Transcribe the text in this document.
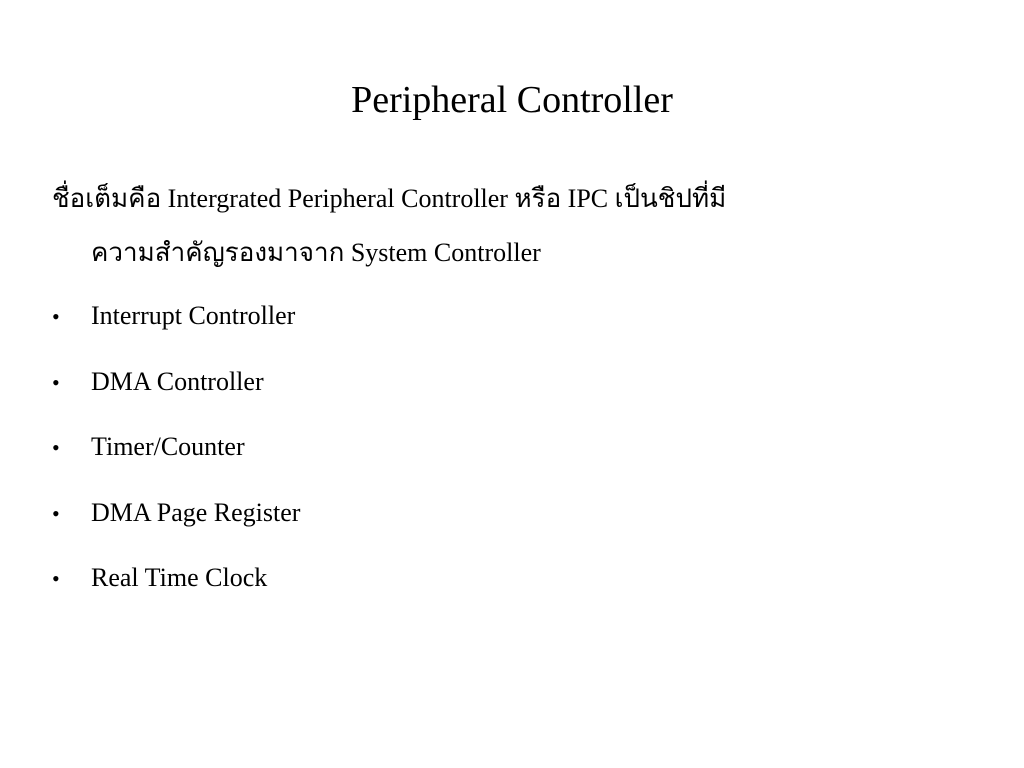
Peripheral Controller
ชื่อเต็มคือ Intergrated Peripheral Controller หรือ IPC เป็นชิปที่มี
ความสำคัญรองมาจาก System Controller
• Interrupt Controller
• DMA Controller
• Timer/Counter
• DMA Page Register
• Real Time Clock
